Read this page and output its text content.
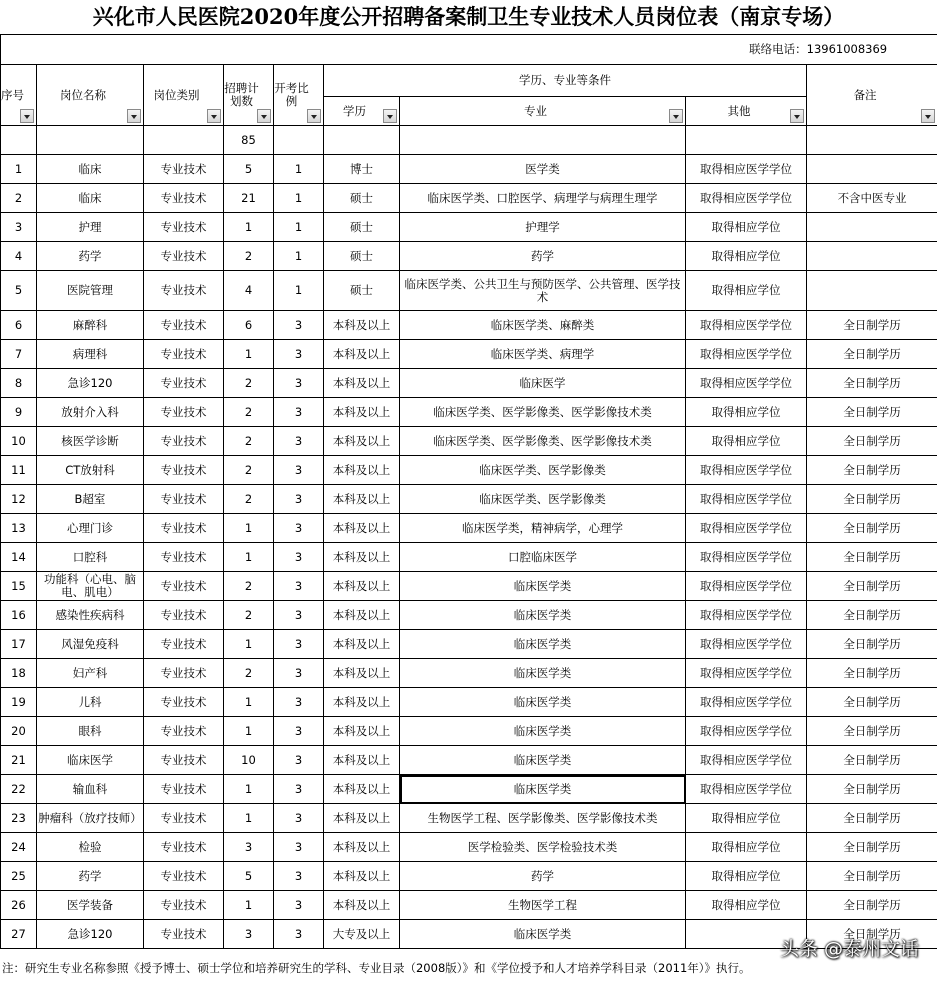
兴化市人民医院2020年度公开招聘备案制卫生专业技术人员岗位表（南京专场）
联络电话：13961008369								

序号	岗位名称	岗位类别	招聘计划数	开考比例	学历、专业等条件			备注

					学历	专业	其他	

			85					
1	临床	专业技术	5	1	博士	医学类	取得相应医学学位	
2	临床	专业技术	21	1	硕士	临床医学类、口腔医学、病理学与病理生理学	取得相应医学学位	不含中医专业
3	护理	专业技术	1	1	硕士	护理学	取得相应学位	
4	药学	专业技术	2	1	硕士	药学	取得相应学位	
5	医院管理	专业技术	4	1	硕士	临床医学类、公共卫生与预防医学、公共管理、医学技术	取得相应学位	
6	麻醉科	专业技术	6	3	本科及以上	临床医学类、麻醉类	取得相应医学学位	全日制学历
7	病理科	专业技术	1	3	本科及以上	临床医学类、病理学	取得相应医学学位	全日制学历
8	急诊120	专业技术	2	3	本科及以上	临床医学	取得相应医学学位	全日制学历
9	放射介入科	专业技术	2	3	本科及以上	临床医学类、医学影像类、医学影像技术类	取得相应学位	全日制学历
10	核医学诊断	专业技术	2	3	本科及以上	临床医学类、医学影像类、医学影像技术类	取得相应学位	全日制学历
11	CT放射科	专业技术	2	3	本科及以上	临床医学类、医学影像类	取得相应医学学位	全日制学历
12	B超室	专业技术	2	3	本科及以上	临床医学类、医学影像类	取得相应医学学位	全日制学历
13	心理门诊	专业技术	1	3	本科及以上	临床医学类，精神病学，心理学	取得相应医学学位	全日制学历
14	口腔科	专业技术	1	3	本科及以上	口腔临床医学	取得相应医学学位	全日制学历
15	功能科（心电、脑电、肌电）	专业技术	2	3	本科及以上	临床医学类	取得相应医学学位	全日制学历
16	感染性疾病科	专业技术	2	3	本科及以上	临床医学类	取得相应医学学位	全日制学历
17	风湿免疫科	专业技术	1	3	本科及以上	临床医学类	取得相应医学学位	全日制学历
18	妇产科	专业技术	2	3	本科及以上	临床医学类	取得相应医学学位	全日制学历
19	儿科	专业技术	1	3	本科及以上	临床医学类	取得相应医学学位	全日制学历
20	眼科	专业技术	1	3	本科及以上	临床医学类	取得相应医学学位	全日制学历
21	临床医学	专业技术	10	3	本科及以上	临床医学类	取得相应医学学位	全日制学历
22	输血科	专业技术	1	3	本科及以上	临床医学类	取得相应医学学位	全日制学历
23	肿瘤科（放疗技师）	专业技术	1	3	本科及以上	生物医学工程、医学影像类、医学影像技术类	取得相应学位	全日制学历
24	检验	专业技术	3	3	本科及以上	医学检验类、医学检验技术类	取得相应学位	全日制学历
25	药学	专业技术	5	3	本科及以上	药学	取得相应学位	全日制学历
26	医学装备	专业技术	1	3	本科及以上	生物医学工程	取得相应学位	全日制学历
27	急诊120	专业技术	3	3	大专及以上	临床医学类		全日制学历
注：研究生专业名称参照《授予博士、硕士学位和培养研究生的学科、专业目录（2008版）》和《学位授予和人才培养学科目录（2011年）》执行。
头条 @泰州文话
